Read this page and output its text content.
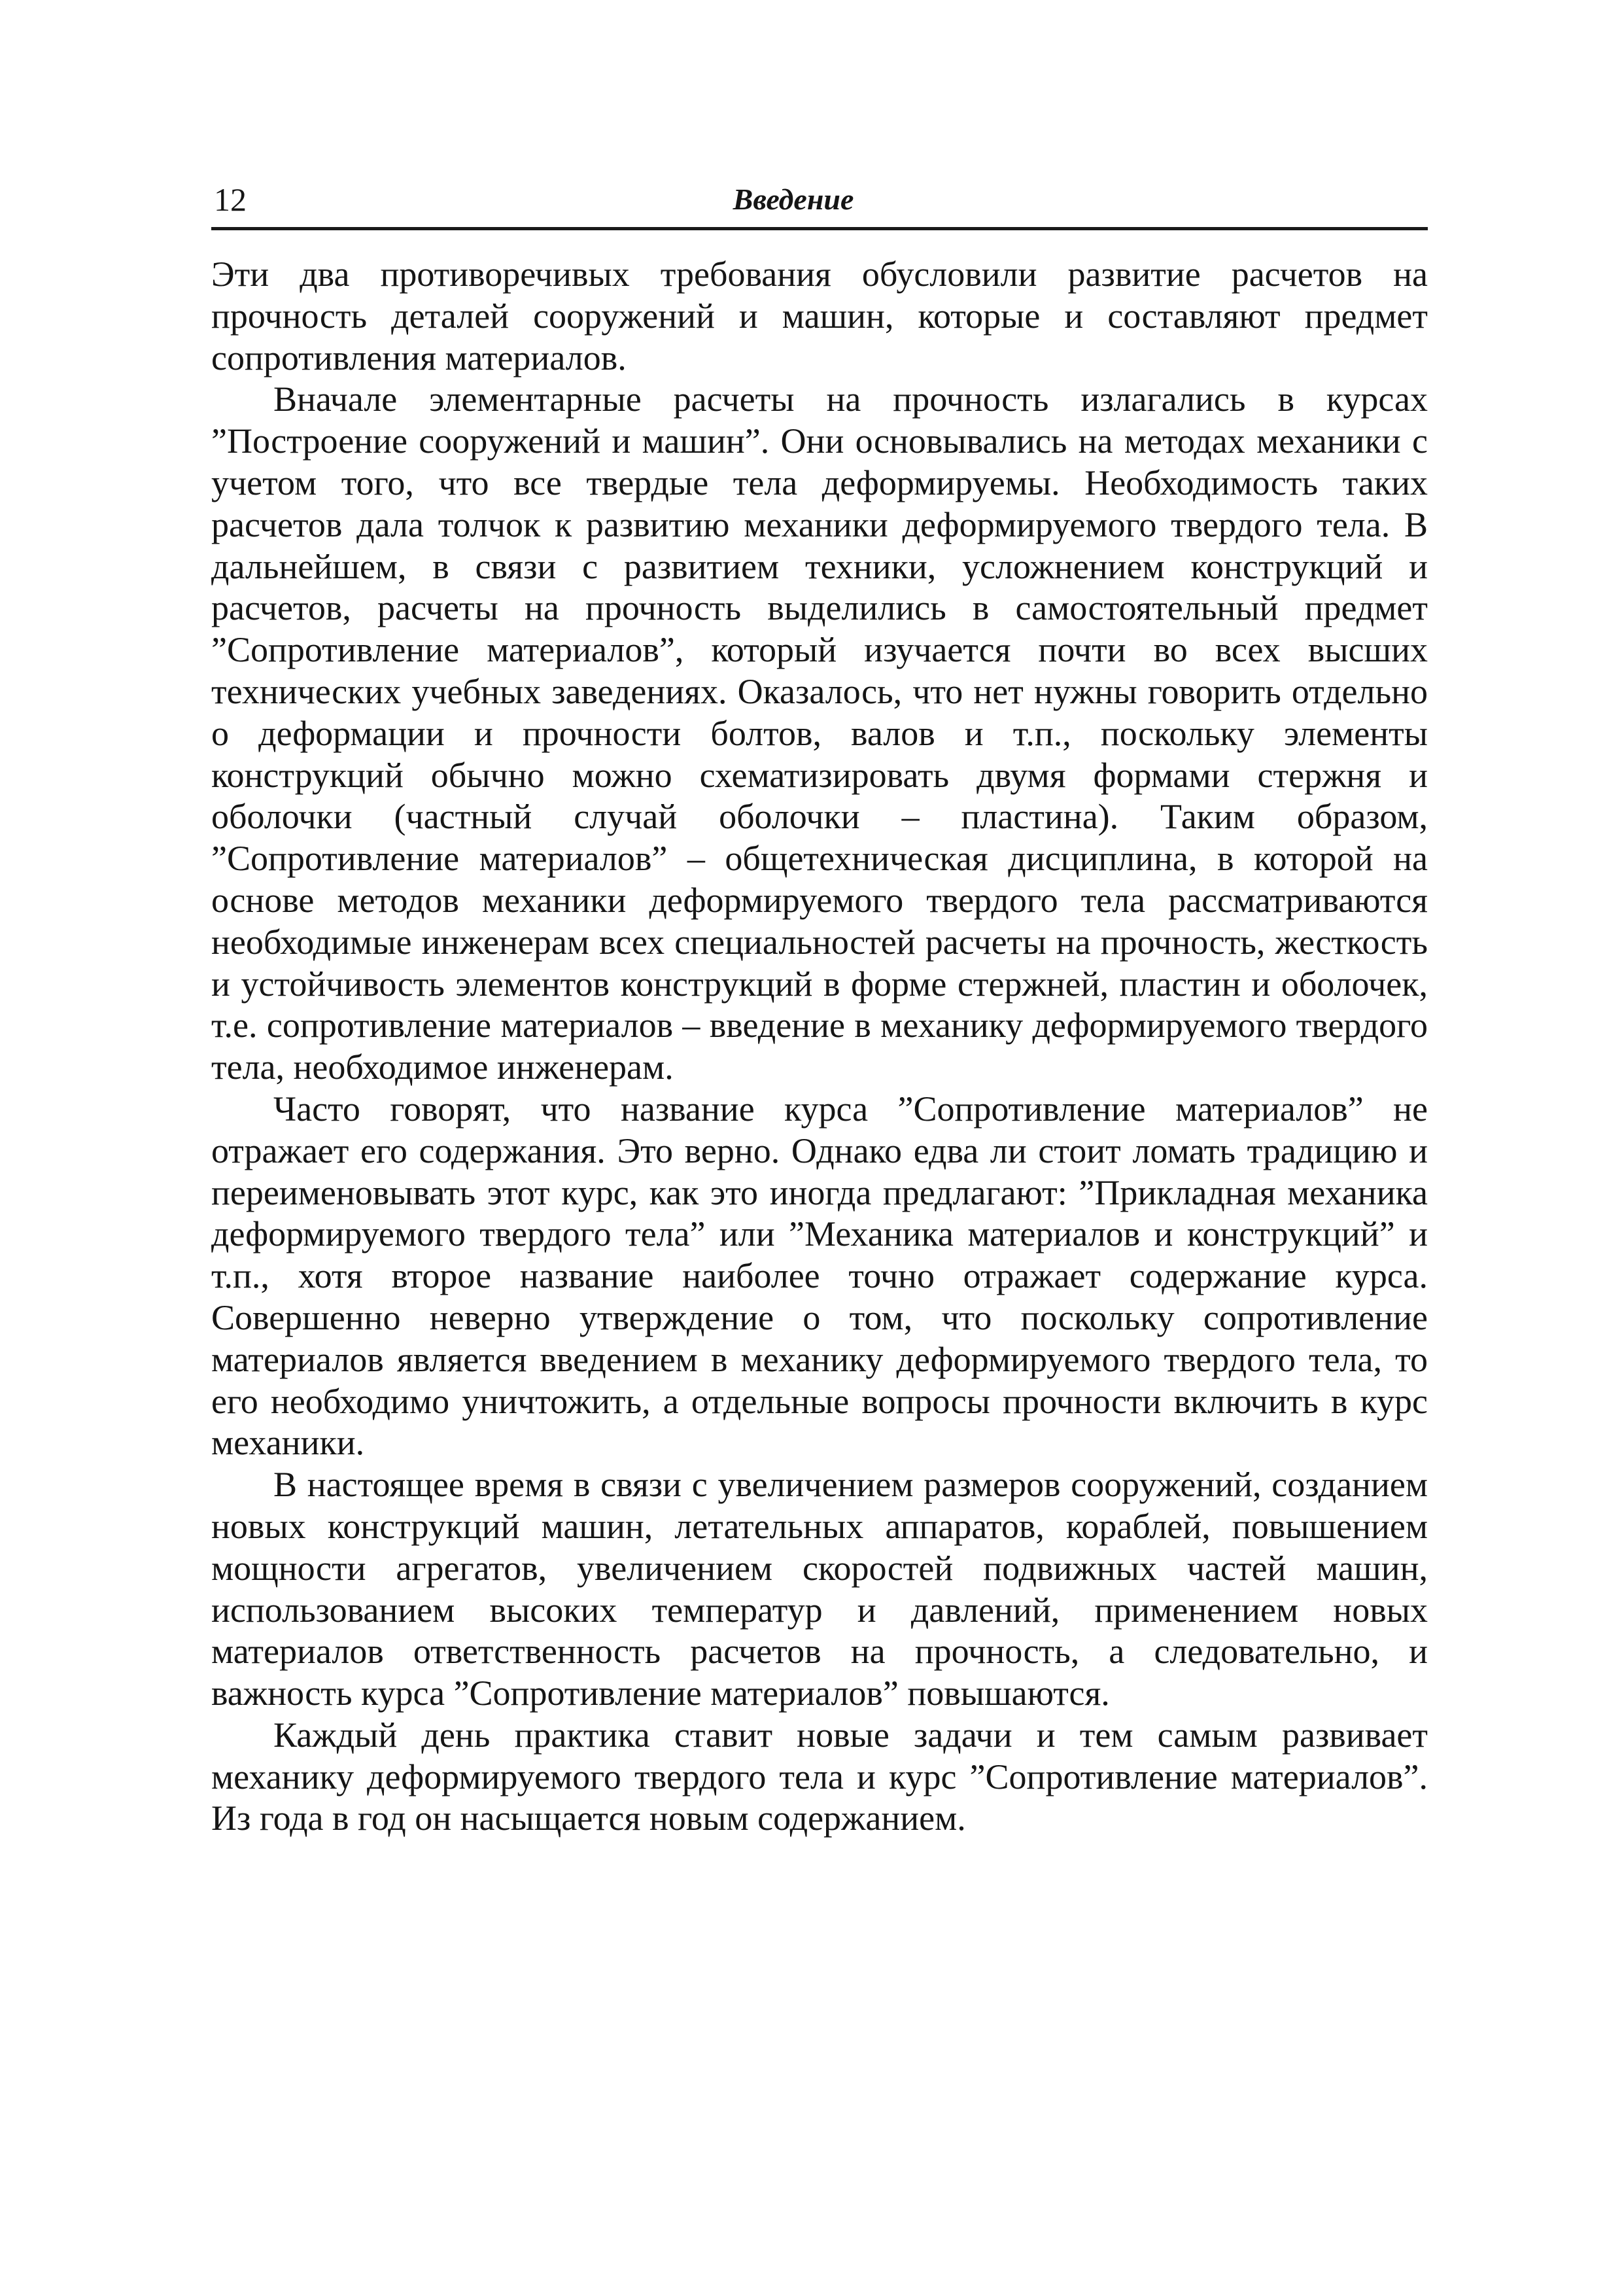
12	Введение

Эти два противоречивых требования обусловили развитие расчетов на прочность деталей сооружений и машин, которые и составляют предмет сопротивления материалов.

Вначале элементарные расчеты на прочность излагались в курсах ”Построение сооружений и машин”. Они основывались на методах механики с учетом того, что все твердые тела деформируемы. Необходимость таких расчетов дала толчок к развитию механики деформируемого твердого тела. В дальнейшем, в связи с развитием техники, усложнением конструкций и расчетов, расчеты на прочность выделились в самостоятельный предмет ”Сопротивление материалов”, который изучается почти во всех высших технических учебных заведениях. Оказалось, что нет нужны говорить отдельно о деформации и прочности болтов, валов и т.п., поскольку элементы конструкций обычно можно схематизировать двумя формами стержня и оболочки (частный случай оболочки – пластина). Таким образом, ”Сопротивление материалов” – общетехническая дисциплина, в которой на основе методов механики деформируемого твердого тела рассматриваются необходимые инженерам всех специальностей расчеты на прочность, жесткость и устойчивость элементов конструкций в форме стержней, пластин и оболочек, т.е. сопротивление материалов – введение в механику деформируемого твердого тела, необходимое инженерам.

Часто говорят, что название курса ”Сопротивление материалов” не отражает его содержания. Это верно. Однако едва ли стоит ломать традицию и переименовывать этот курс, как это иногда предлагают: ”Прикладная механика деформируемого твердого тела” или ”Механика материалов и конструкций” и т.п., хотя второе название наиболее точно отражает содержание курса. Совершенно неверно утверждение о том, что поскольку сопротивление материалов является введением в механику деформируемого твердого тела, то его необходимо уничтожить, а отдельные вопросы прочности включить в курс механики.

В настоящее время в связи с увеличением размеров сооружений, созданием новых конструкций машин, летательных аппаратов, кораблей, повышением мощности агрегатов, увеличением скоростей подвижных частей машин, использованием высоких температур и давлений, применением новых материалов ответственность расчетов на прочность, а следовательно, и важность курса ”Сопротивление материалов” повышаются.

Каждый день практика ставит новые задачи и тем самым развивает механику деформируемого твердого тела и курс ”Сопротивление материалов”. Из года в год он насыщается новым содержанием.
